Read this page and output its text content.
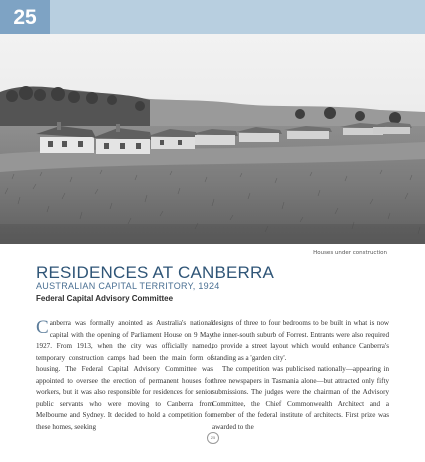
25
Houses under construction
RESIDENCES AT CANBERRA
AUSTRALIAN CAPITAL TERRITORY, 1924
Federal Capital Advisory Committee

Canberra was formally anointed as Australia's national capital with the opening of Parliament House on 9 May 1927. From 1913, when the city was officially named, temporary construction camps had been the main form of housing. The Federal Capital Advisory Committee was appointed to oversee the erection of permanent houses for workers, but it was also responsible for residences for senior public servants who were moving to Canberra from Melbourne and Sydney. It decided to hold a competition for these homes, seeking

designs of three to four bedrooms to be built in what is now the inner-south suburb of Forrest. Entrants were also required to provide a street layout which would enhance Canberra's standing as a 'garden city'.

The competition was publicised nationally—appearing in three newspapers in Tasmania alone—but attracted only fifty submissions. The judges were the chairman of the Advisory Committee, the Chief Commonwealth Architect and a member of the federal institute of architects. First prize was awarded to the

25
